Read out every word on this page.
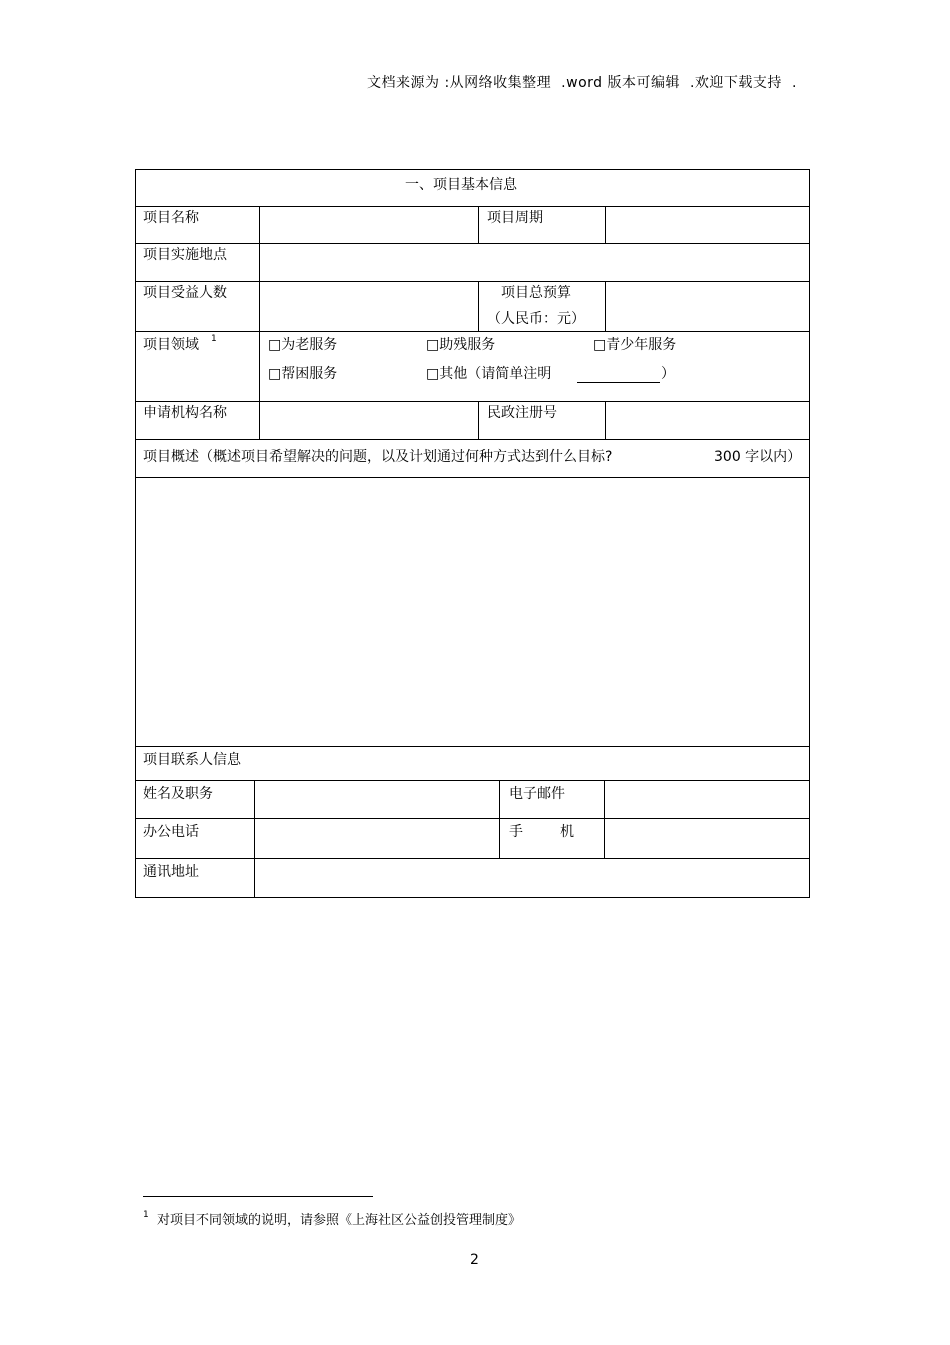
文档来源为 :从网络收集整理 .word 版本可编辑 .欢迎下载支持 .
一、项目基本信息
项目名称	项目周期
项目实施地点
项目受益人数	项目总预算
（人民币：元）
项目领域 1	□为老服务	□助残服务	□青少年服务
□帮困服务	□其他（请简单注明	）
申请机构名称	民政注册号
项目概述（概述项目希望解决的问题，以及计划通过何种方式达到什么目标?	300 字以内）
项目联系人信息
姓名及职务	电子邮件
办公电话	手	机
通讯地址
1 对项目不同领域的说明，请参照《上海社区公益创投管理制度》
2
